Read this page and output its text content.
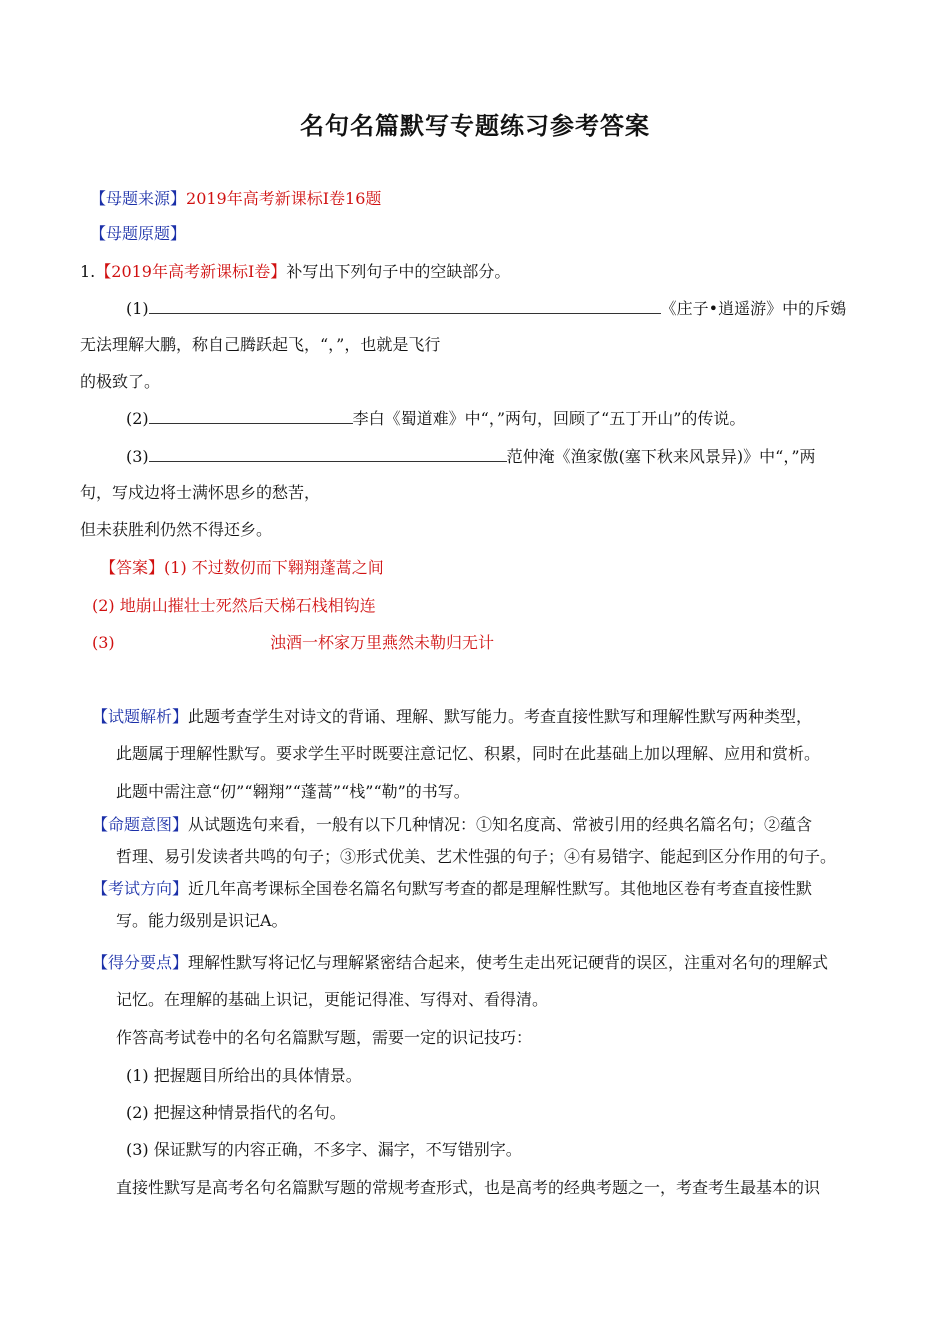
名句名篇默写专题练习参考答案
【母题来源】2019年高考新课标Ⅰ卷16题
【母题原题】
1.【2019年高考新课标Ⅰ卷】补写出下列句子中的空缺部分。
(1)	《庄子•逍遥游》中的斥鴳
无法理解大鹏，称自己腾跃起飞，“，”，也就是飞行
的极致了。
(2)	李白《蜀道难》中“，”两句，回顾了“五丁开山”的传说。
(3)	范仲淹《渔家傲(塞下秋来风景异)》中“，”两
句，写戍边将士满怀思乡的愁苦，
但未获胜利仍然不得还乡。
【答案】(1) 不过数仞而下翱翔蓬蒿之间
(2) 地崩山摧壮士死然后天梯石栈相钩连
(3)	浊酒一杯家万里燕然未勒归无计
【试题解析】此题考查学生对诗文的背诵、理解、默写能力。考查直接性默写和理解性默写两种类型，
此题属于理解性默写。要求学生平时既要注意记忆、积累，同时在此基础上加以理解、应用和赏析。
此题中需注意“仞”“翱翔”“蓬蒿”“栈”“勒”的书写。
【命题意图】从试题选句来看，一般有以下几种情况：①知名度高、常被引用的经典名篇名句；②蕴含
哲理、易引发读者共鸣的句子；③形式优美、艺术性强的句子；④有易错字、能起到区分作用的句子。
【考试方向】近几年高考课标全国卷名篇名句默写考查的都是理解性默写。其他地区卷有考查直接性默
写。能力级别是识记A。
【得分要点】理解性默写将记忆与理解紧密结合起来，使考生走出死记硬背的误区，注重对名句的理解式
记忆。在理解的基础上识记，更能记得准、写得对、看得清。
作答高考试卷中的名句名篇默写题，需要一定的识记技巧：
(1) 把握题目所给出的具体情景。
(2) 把握这种情景指代的名句。
(3) 保证默写的内容正确，不多字、漏字，不写错别字。
直接性默写是高考名句名篇默写题的常规考查形式，也是高考的经典考题之一，考查考生最基本的识
